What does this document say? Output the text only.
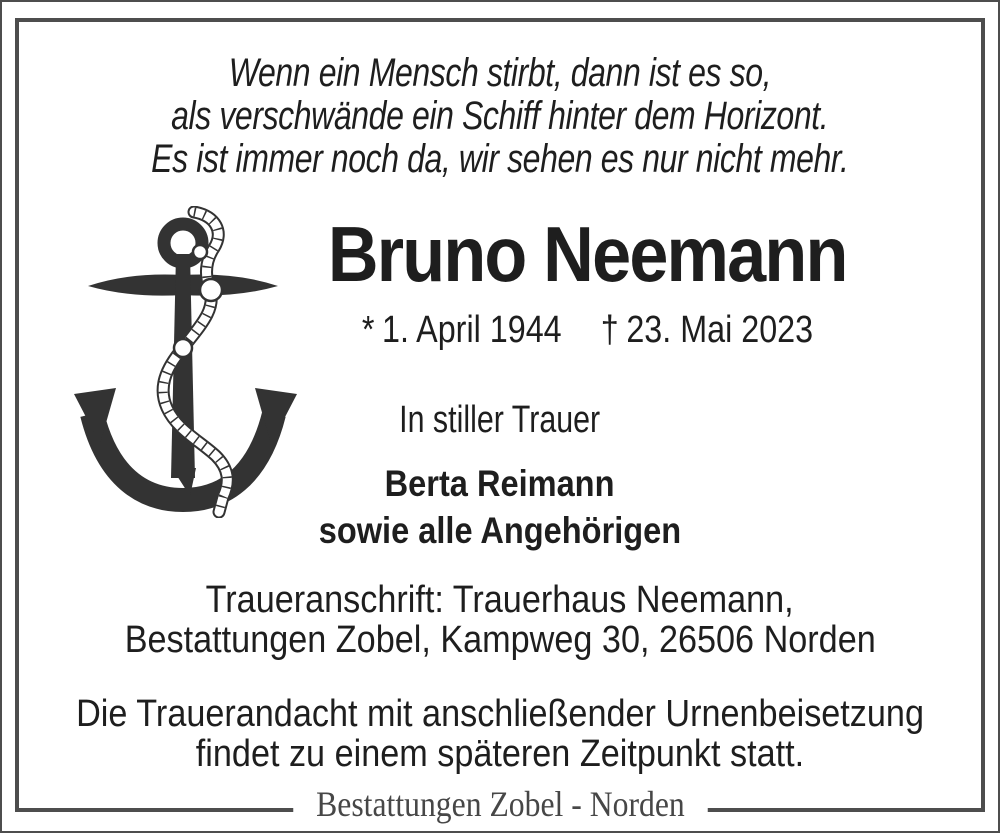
Wenn ein Mensch stirbt, dann ist es so,
als verschwände ein Schiff hinter dem Horizont.
Es ist immer noch da, wir sehen es nur nicht mehr.
Bruno Neemann
* 1. April 1944 † 23. Mai 2023
In stiller Trauer
Berta Reimann
sowie alle Angehörigen
Traueranschrift: Trauerhaus Neemann,
Bestattungen Zobel, Kampweg 30, 26506 Norden
Die Trauerandacht mit anschließender Urnenbeisetzung
findet zu einem späteren Zeitpunkt statt.
Bestattungen Zobel - Norden
